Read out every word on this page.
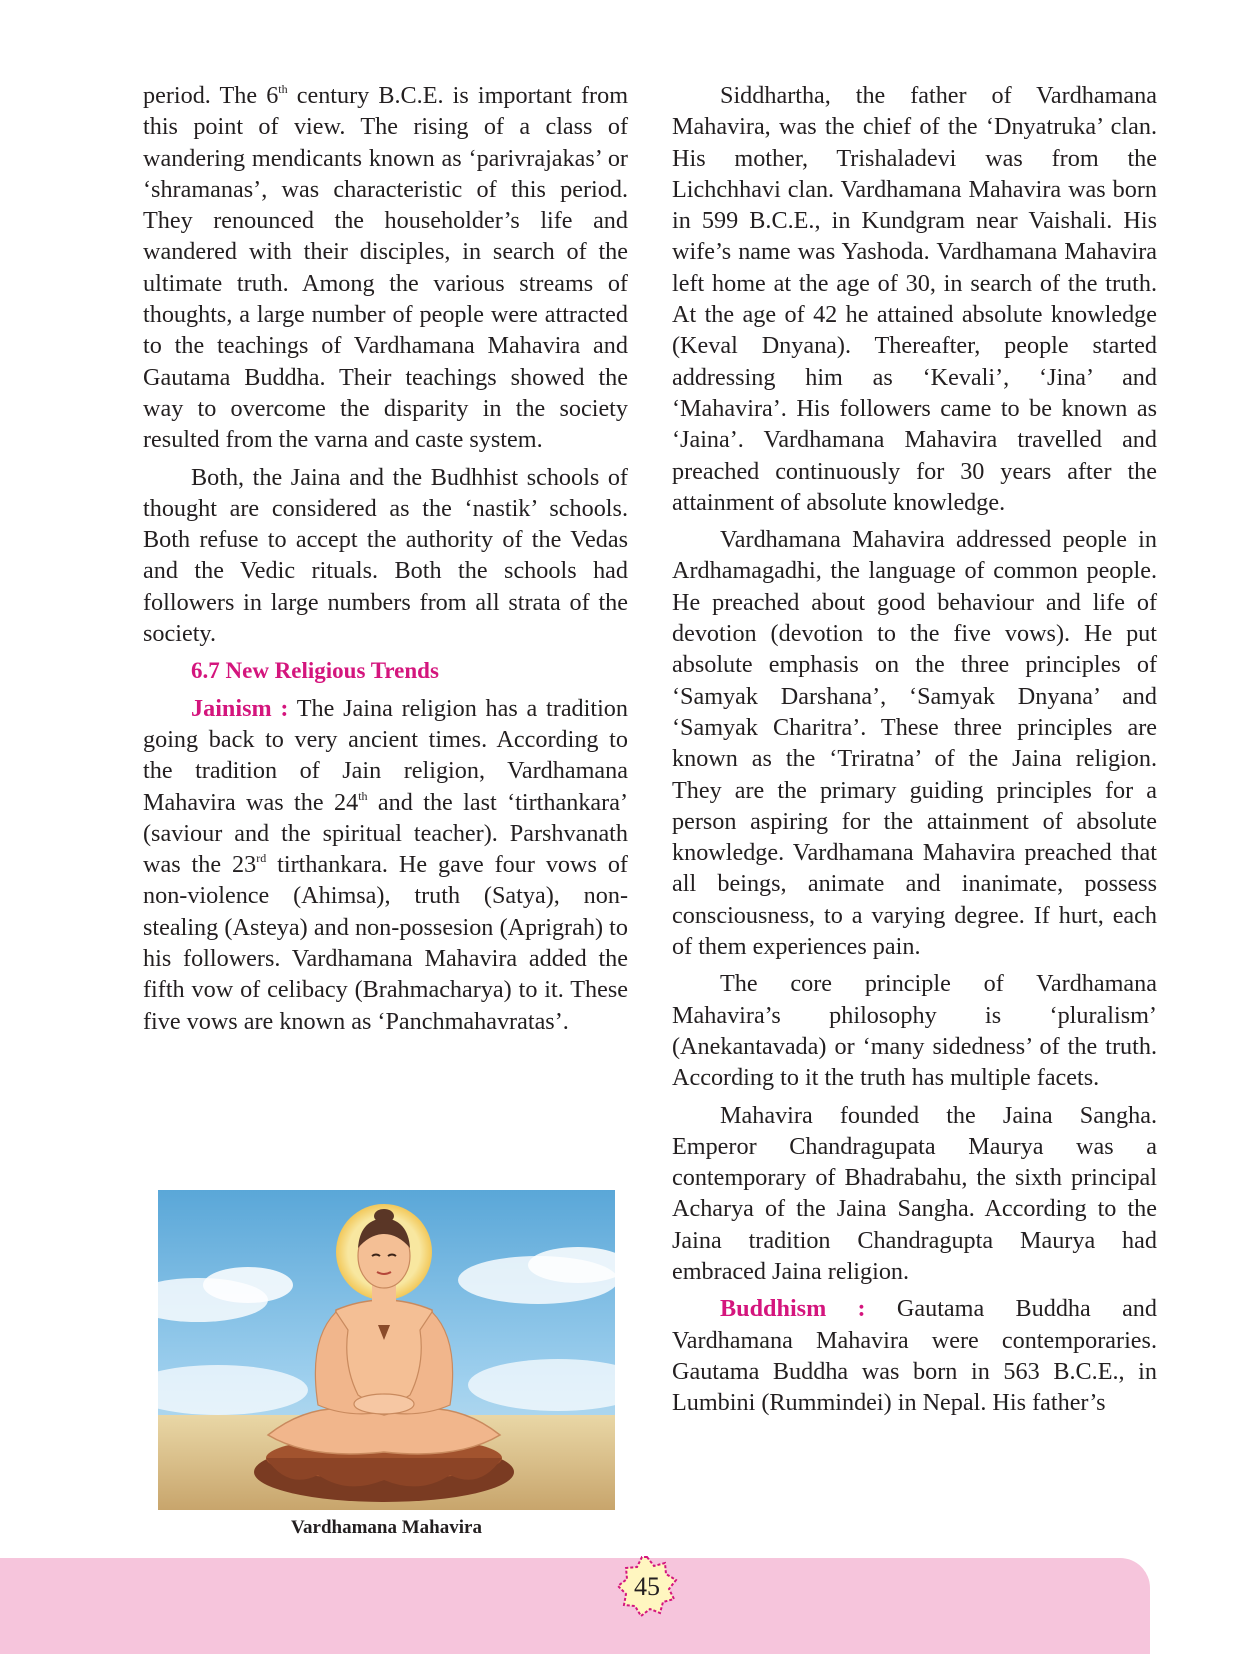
period. The 6th century B.C.E. is important from this point of view. The rising of a class of wandering mendicants known as ‘parivrajakas’ or ‘shramanas’, was characteristic of this period. They renounced the householder’s life and wandered with their disciples, in search of the ultimate truth. Among the various streams of thoughts, a large number of people were attracted to the teachings of Vardhamana Mahavira and Gautama Buddha. Their teachings showed the way to overcome the disparity in the society resulted from the varna and caste system.

Both, the Jaina and the Budhhist schools of thought are considered as the ‘nastik’ schools. Both refuse to accept the authority of the Vedas and the Vedic rituals. Both the schools had followers in large numbers from all strata of the society.

6.7 New Religious Trends

Jainism : The Jaina religion has a tradition going back to very ancient times. According to the tradition of Jain religion, Vardhamana Mahavira was the 24th and the last ‘tirthankara’ (saviour and the spiritual teacher). Parshvanath was the 23rd tirthankara. He gave four vows of non-violence (Ahimsa), truth (Satya), non-stealing (Asteya) and non-possesion (Aprigrah) to his followers. Vardhamana Mahavira added the fifth vow of celibacy (Brahmacharya) to it. These five vows are known as ‘Panchmahavratas’.

Vardhamana Mahavira

Siddhartha, the father of Vardhamana Mahavira, was the chief of the ‘Dnyatruka’ clan. His mother, Trishaladevi was from the Lichchhavi clan. Vardhamana Mahavira was born in 599 B.C.E., in Kundgram near Vaishali. His wife’s name was Yashoda. Vardhamana Mahavira left home at the age of 30, in search of the truth. At the age of 42 he attained absolute knowledge (Keval Dnyana). Thereafter, people started addressing him as ‘Kevali’, ‘Jina’ and ‘Mahavira’. His followers came to be known as ‘Jaina’. Vardhamana Mahavira travelled and preached continuously for 30 years after the attainment of absolute knowledge.

Vardhamana Mahavira addressed people in Ardhamagadhi, the language of common people. He preached about good behaviour and life of devotion (devotion to the five vows). He put absolute emphasis on the three principles of ‘Samyak Darshana’, ‘Samyak Dnyana’ and ‘Samyak Charitra’. These three principles are known as the ‘Triratna’ of the Jaina religion. They are the primary guiding principles for a person aspiring for the attainment of absolute knowledge. Vardhamana Mahavira preached that all beings, animate and inanimate, possess consciousness, to a varying degree. If hurt, each of them experiences pain.

The core principle of Vardhamana Mahavira’s philosophy is ‘pluralism’ (Anekantavada) or ‘many sidedness’ of the truth. According to it the truth has multiple facets.

Mahavira founded the Jaina Sangha. Emperor Chandragupata Maurya was a contemporary of Bhadrabahu, the sixth principal Acharya of the Jaina Sangha. According to the Jaina tradition Chandragupta Maurya had embraced Jaina religion.

Buddhism : Gautama Buddha and Vardhamana Mahavira were contemporaries. Gautama Buddha was born in 563 B.C.E., in Lumbini (Rummindei) in Nepal. His father’s

45
